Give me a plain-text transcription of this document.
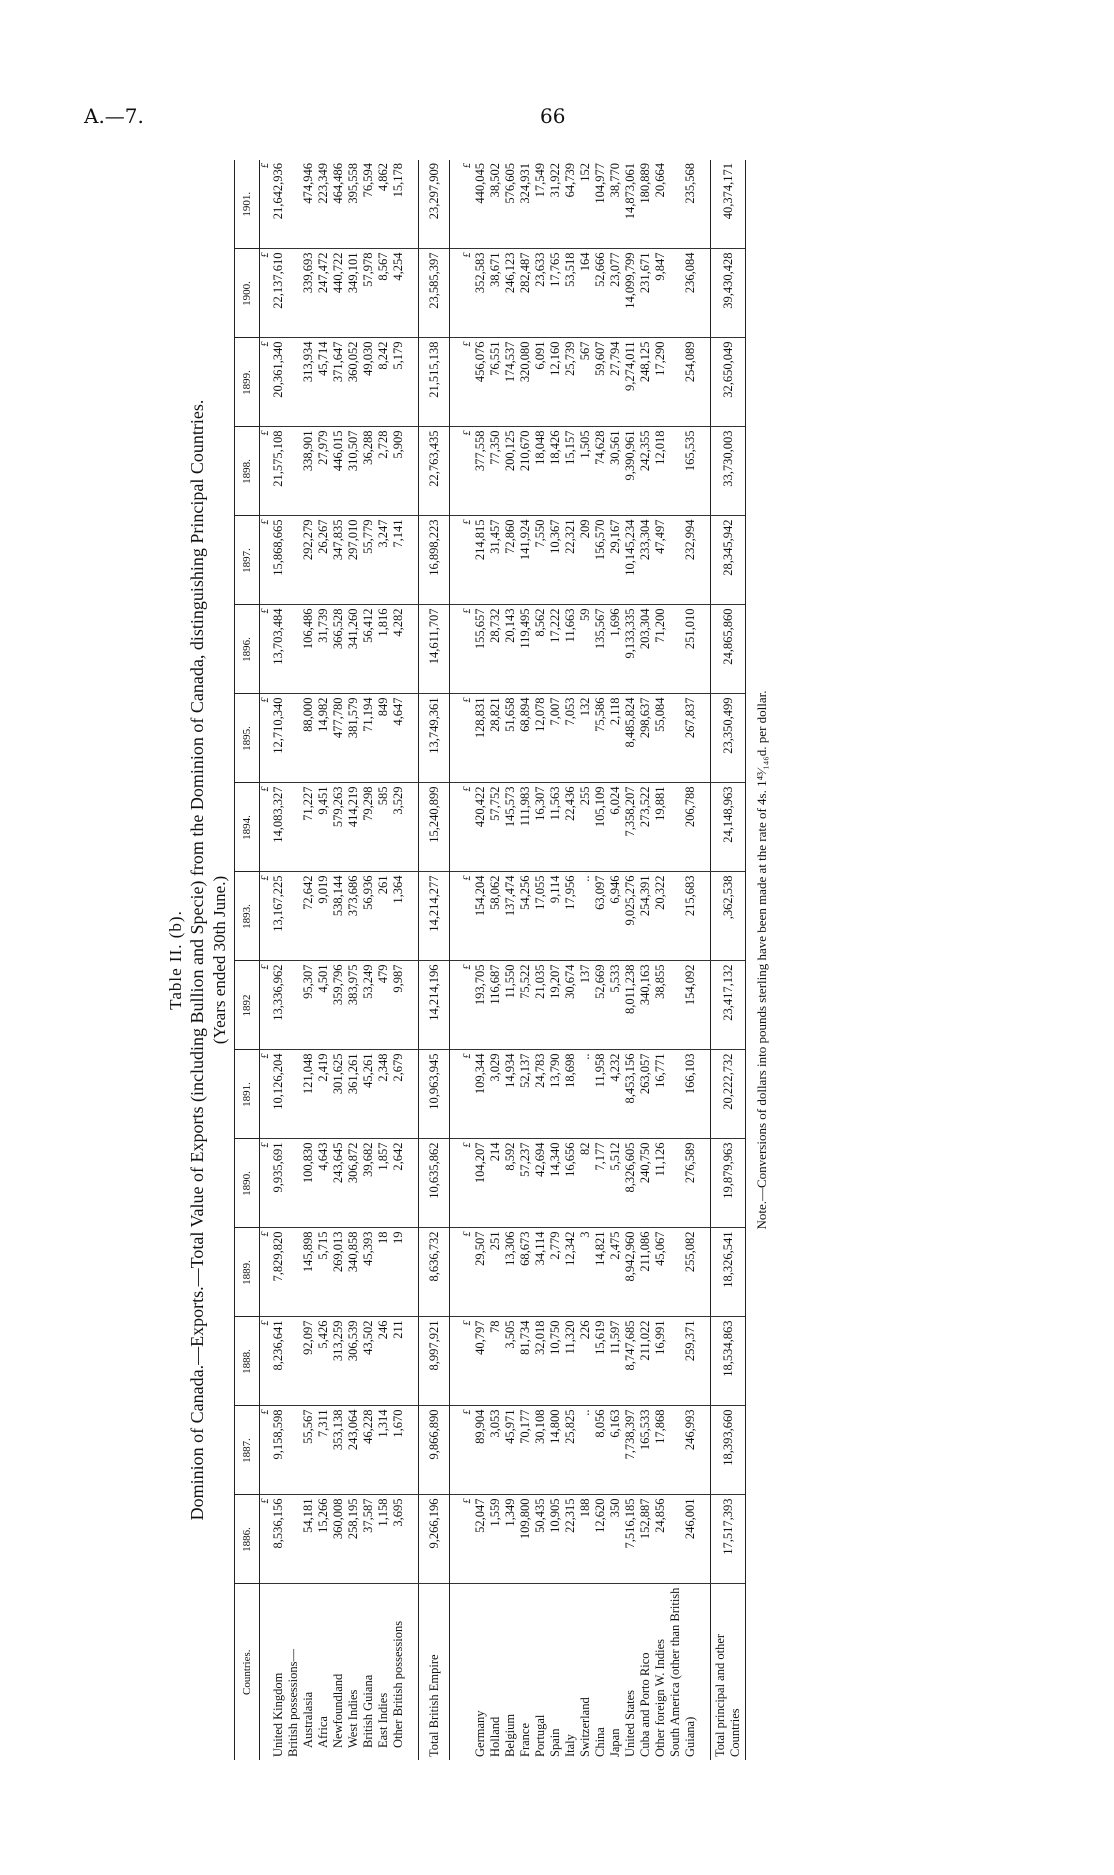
A.—7.	66
Table II. (b). Dominion of Canada.—Exports.—Total Value of Exports (including Bullion and Specie) from the Dominion of Canada, distinguishing Principal Countries. (Years ended 30th June.)
Countries.	1886.	1887.	1888.	1889.	1890.	1891.	1892	1893.	1894.	1895.	1896.	1897.	1898.	1899.	1900.	1901.
	£	£	£	£	£	£	£	£	£	£	£	£	£	£	£	£
United Kingdom	8,536,156	9,158,598	8,236,641	7,829,820	9,935,691	10,126,204	13,336,962	13,167,225	14,083,327	12,710,340	13,703,484	15,868,665	21,575,108	20,361,340	22,137,610	21,642,936
British possessions—																
Australasia	54,181	55,567	92,097	145,898	100,830	121,048	95,307	72,642	71,227	88,000	106,486	292,279	338,901	313,934	339,693	474,946
Africa	15,266	7,311	5,426	5,715	4,643	2,419	4,501	9,019	9,451	14,982	31,739	26,267	27,979	45,714	247,472	223,349
Newfoundland	360,008	353,138	313,259	269,013	243,645	301,625	359,796	538,144	579,263	477,780	366,528	347,835	446,015	371,647	440,722	464,486
West Indies	258,195	243,064	306,539	340,858	306,872	361,261	383,975	373,686	414,219	381,579	341,260	297,010	310,507	360,052	349,101	395,558
British Guiana	37,587	46,228	43,502	45,393	39,682	45,261	53,249	56,936	79,298	71,194	56,412	55,779	36,288	49,030	57,978	76,594
East Indies	1,158	1,314	246	18	1,857	2,348	479	261	585	849	1,816	3,247	2,728	8,242	8,567	4,862
Other British possessions	3,695	1,670	211	19	2,642	2,679	9,987	1,364	3,529	4,647	4,282	7,141	5,909	5,179	4,254	15,178

Total British Empire	9,266,196	9,866,890	8,997,921	8,636,732	10,635,862	10,963,945	14,214,196	14,214,277	15,240,899	13,749,361	14,611,707	16,898,223	22,763,435	21,515,138	23,585,397	23,297,909

	£	£	£	£	£	£	£	£	£	£	£	£	£	£	£	£
Germany	52,047	89,904	40,797	29,507	104,207	109,344	193,705	154,204	420,422	128,831	155,657	214,815	377,558	456,076	352,583	440,045
Holland	1,559	3,053	78	251	214	3,029	116,687	58,062	57,752	28,821	28,732	31,457	77,350	76,551	38,671	38,502
Belgium	1,349	45,971	3,505	13,306	8,592	14,934	11,550	137,474	145,573	51,658	20,143	72,860	200,125	174,537	246,123	576,605
France	109,800	70,177	81,734	68,673	57,237	52,137	75,522	54,256	111,983	68,894	119,495	141,924	210,670	320,080	282,487	324,931
Portugal	50,435	30,108	32,018	34,114	42,694	24,783	21,035	17,055	16,307	12,078	8,562	7,550	18,048	6,091	23,633	17,549
Spain	10,905	14,800	10,750	2,779	14,340	13,790	19,207	9,114	11,563	7,007	17,222	10,367	18,426	12,160	17,765	31,922
Italy	22,315	25,825	11,320	12,342	16,656	18,698	30,674	17,956	22,436	7,053	11,663	22,321	15,157	25,739	53,518	64,739
Switzerland	188	..	226	3	82	..	137	..	255	132	59	209	1,505	567	164	152
China	12,620	8,056	15,619	14,821	7,177	11,958	52,669	63,097	105,109	75,586	135,567	156,570	74,628	59,607	52,666	104,977
Japan	350	6,163	11,597	2,475	5,512	4,232	5,533	6,946	6,024	2,118	1,696	29,167	30,561	27,794	23,077	38,770
United States	7,516,185	7,738,397	8,747,685	8,942,960	8,326,605	8,453,156	8,011,238	9,025,276	7,358,207	8,485,824	9,133,335	10,145,234	9,390,961	9,274,011	14,099,799	14,873,061
Cuba and Porto Rico	152,887	165,533	211,022	211,086	240,750	263,057	340,163	254,391	273,522	298,637	203,304	233,304	242,355	248,125	231,671	180,889
Other foreign W. Indies	24,856	17,868	16,991	45,067	11,126	16,771	38,855	20,322	19,881	55,084	71,200	47,497	12,018	17,290	9,847	20,664
South America (other than British Guiana)	246,001	246,993	259,371	255,082	276,589	166,103	154,092	215,683	206,788	267,837	251,010	232,994	165,535	254,089	236,084	235,568

Total principal and other Countries	17,517,393	18,393,660	18,534,863	18,326,541	19,879,963	20,222,732	23,417,132	,362,538	24,148,963	23,350,499	24,865,860	28,345,942	33,730,003	32,650,049	39,430,428	40,374,171
Note.—Conversions of dollars into pounds sterling have been made at the rate of 4s. 1⁴³⁄₁₄₆d. per dollar.
